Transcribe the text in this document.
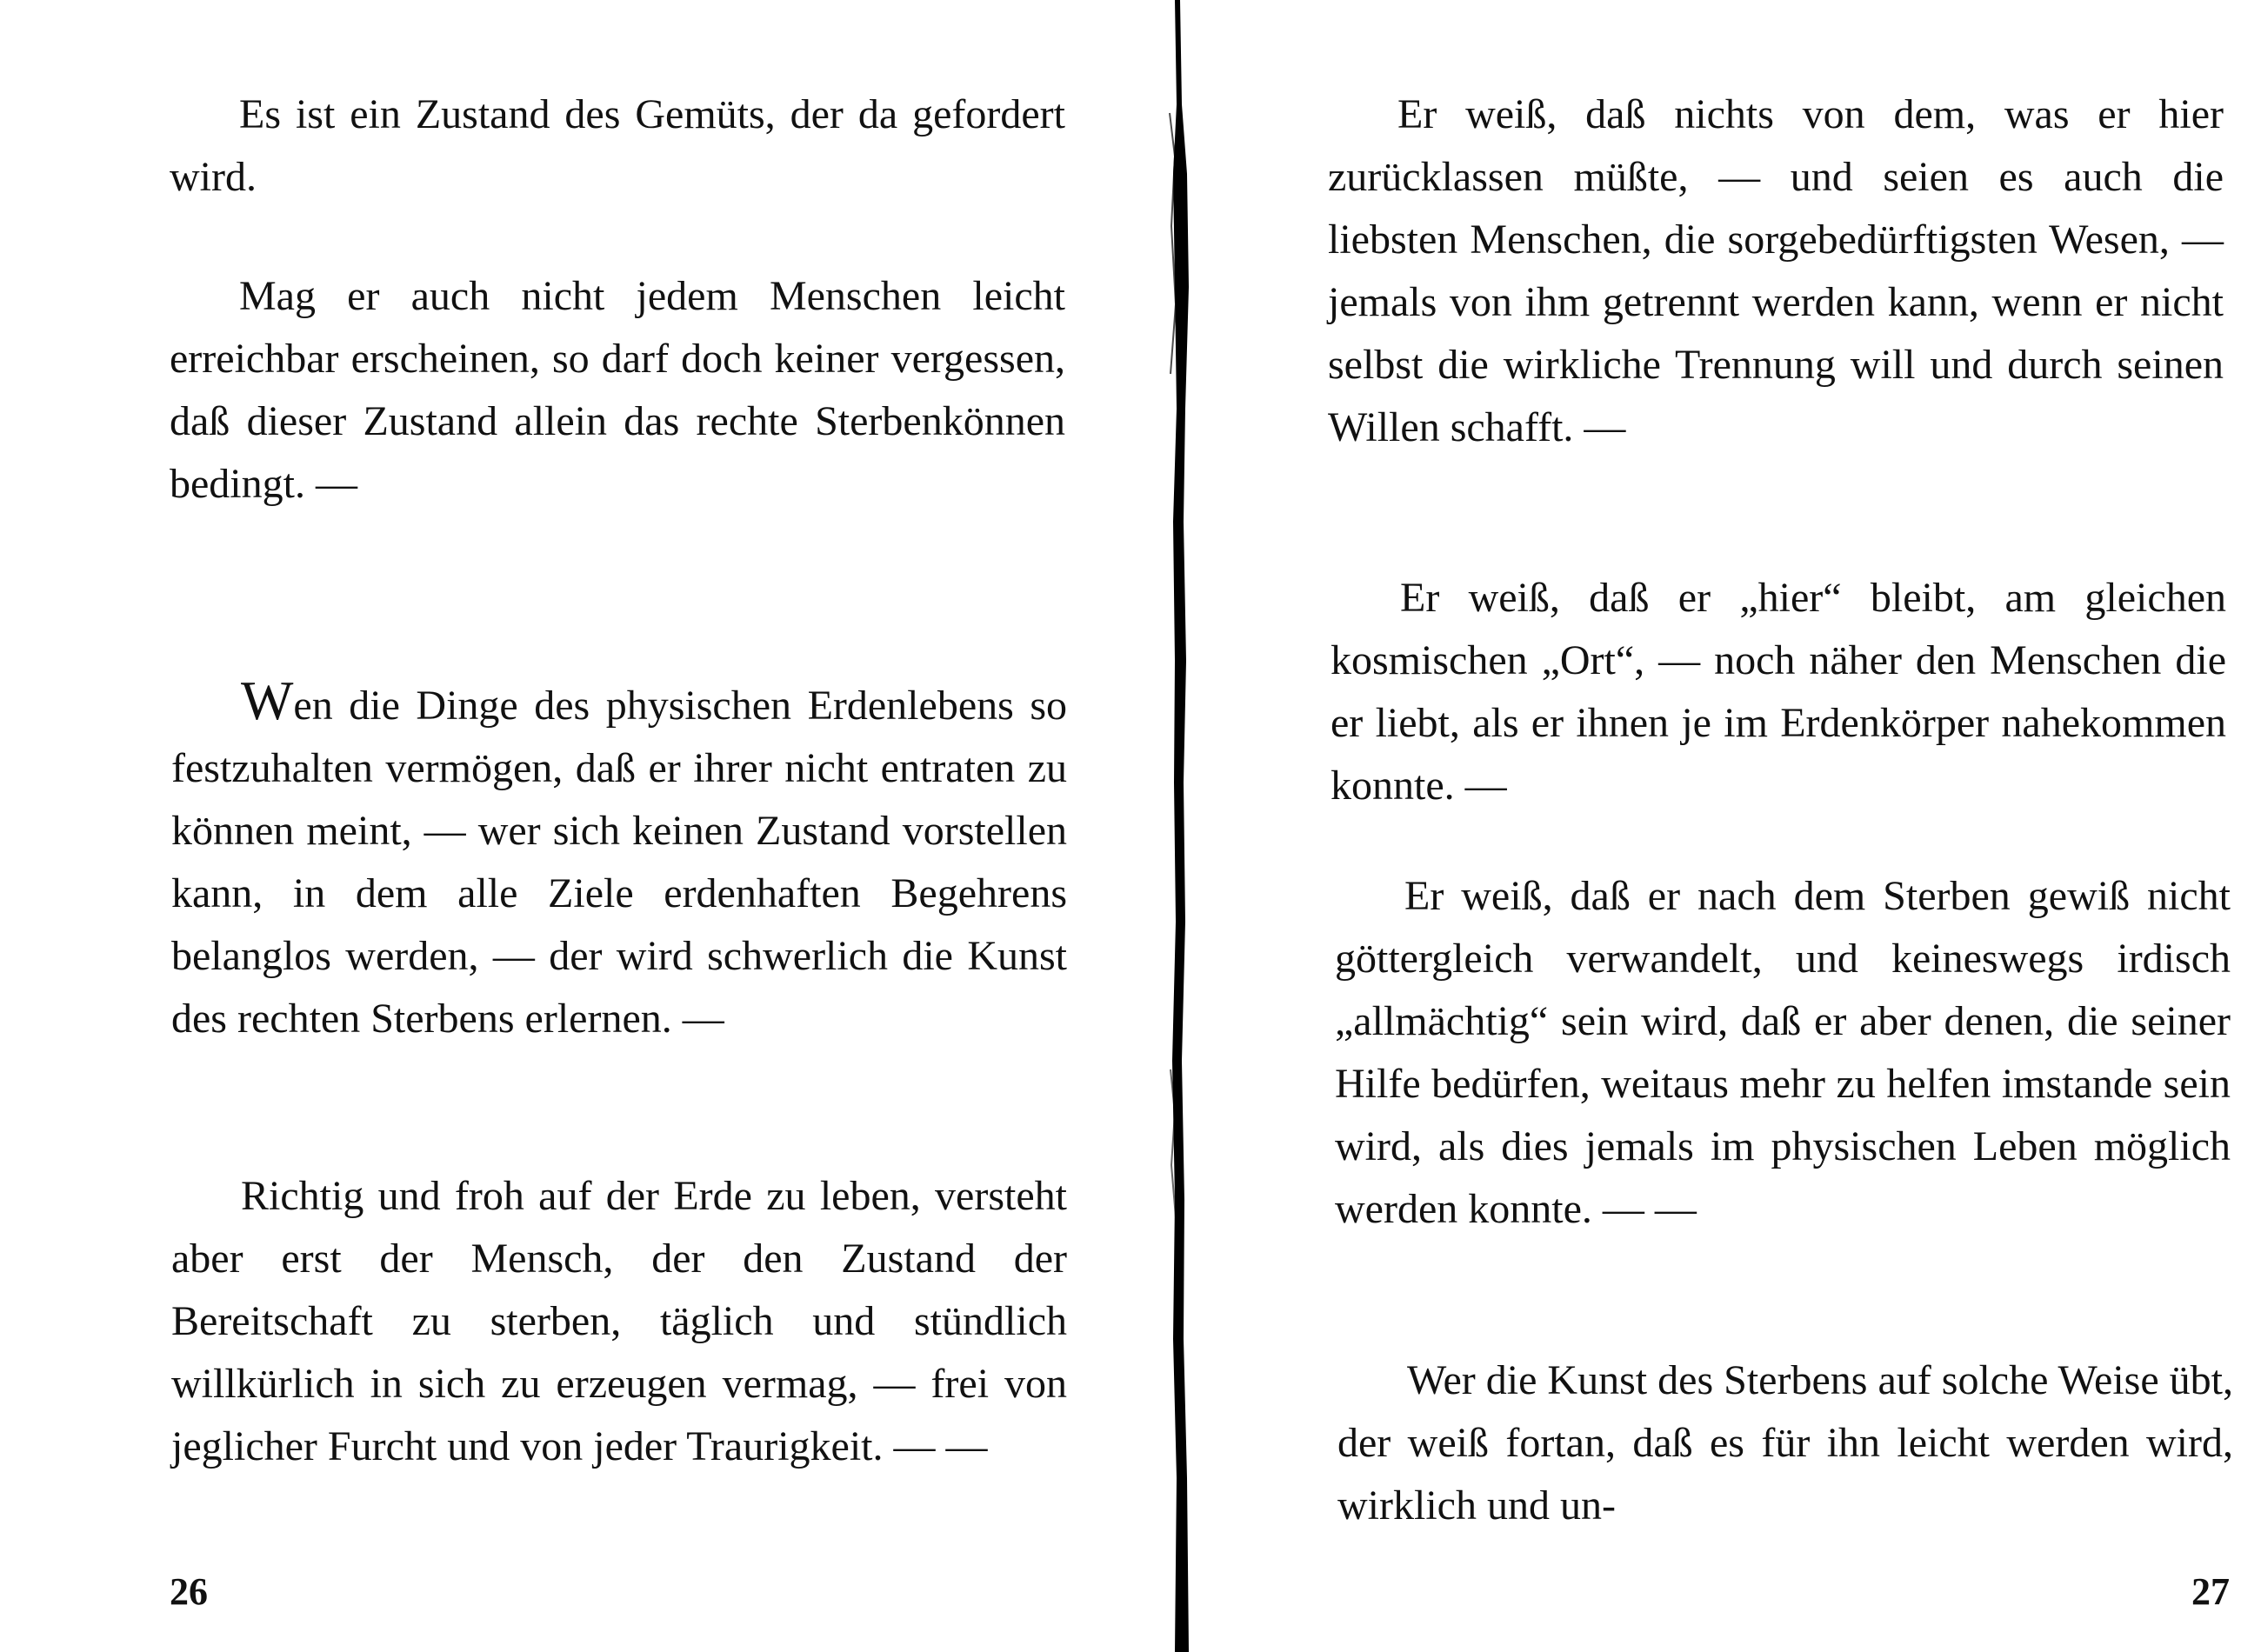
Es ist ein Zustand des Gemüts, der da gefordert wird.

Mag er auch nicht jedem Menschen leicht erreichbar erscheinen, so darf doch keiner vergessen, daß dieser Zustand allein das rechte Sterbenkönnen bedingt. —

Wen die Dinge des physischen Erdenlebens so festzuhalten vermögen, daß er ihrer nicht entraten zu können meint, — wer sich keinen Zustand vorstellen kann, in dem alle Ziele erdenhaften Begehrens belanglos werden, — der wird schwerlich die Kunst des rechten Sterbens erlernen. —

Richtig und froh auf der Erde zu leben, versteht aber erst der Mensch, der den Zustand der Bereitschaft zu sterben, täglich und stündlich willkürlich in sich zu erzeugen vermag, — frei von jeglicher Furcht und von jeder Traurigkeit. — —

26

Er weiß, daß nichts von dem, was er hier zurücklassen müßte, — und seien es auch die liebsten Menschen, die sorgebedürftigsten Wesen, — jemals von ihm getrennt werden kann, wenn er nicht selbst die wirkliche Trennung will und durch seinen Willen schafft. —

Er weiß, daß er „hier“ bleibt, am gleichen kosmischen „Ort“, — noch näher den Menschen die er liebt, als er ihnen je im Erdenkörper nahekommen konnte. —

Er weiß, daß er nach dem Sterben gewiß nicht göttergleich verwandelt, und keineswegs irdisch „allmächtig“ sein wird, daß er aber denen, die seiner Hilfe bedürfen, weitaus mehr zu helfen imstande sein wird, als dies jemals im physischen Leben möglich werden konnte. — —

Wer die Kunst des Sterbens auf solche Weise übt, der weiß fortan, daß es für ihn leicht werden wird, wirklich und un-

27
